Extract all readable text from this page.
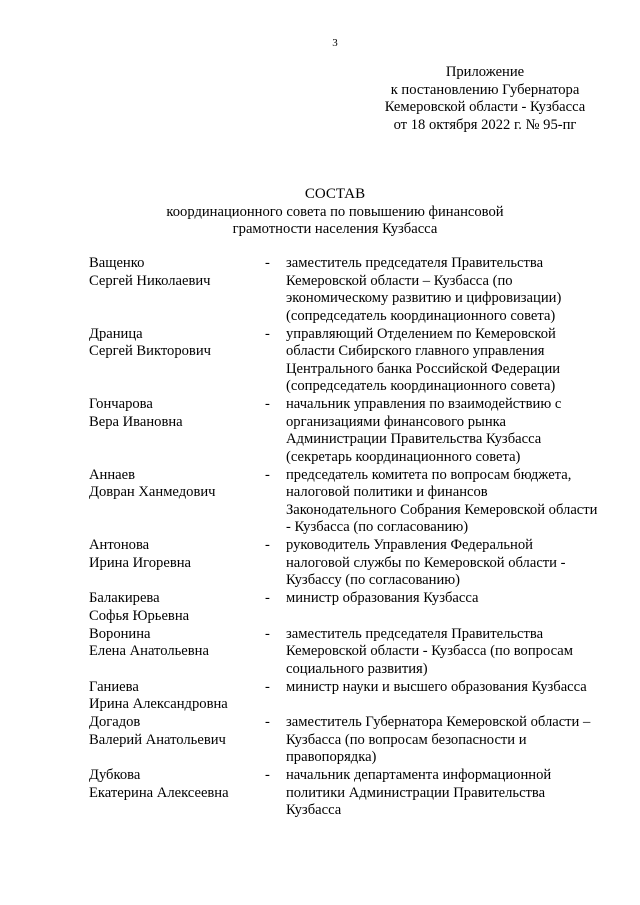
3
Приложение
к постановлению Губернатора
Кемеровской области - Кузбасса
от 18 октября 2022 г. № 95-пг
СОСТАВ
координационного совета по повышению финансовой
грамотности населения Кузбасса
Ващенко
Сергей Николаевич
-	заместитель председателя Правительства Кемеровской области – Кузбасса (по экономическому развитию и цифровизации) (сопредседатель координационного совета)
Драница
Сергей Викторович
-	управляющий Отделением по Кемеровской области Сибирского главного управления Центрального банка Российской Федерации (сопредседатель координационного совета)
Гончарова
Вера Ивановна
-	начальник управления по взаимодействию с организациями финансового рынка Администрации Правительства Кузбасса (секретарь координационного совета)
Аннаев
Довран Ханмедович
-	председатель комитета по вопросам бюджета, налоговой политики и финансов Законодательного Собрания Кемеровской области - Кузбасса (по согласованию)
Антонова
Ирина Игоревна
-	руководитель Управления Федеральной налоговой службы по Кемеровской области - Кузбассу (по согласованию)
Балакирева
Софья Юрьевна
-	министр образования Кузбасса
Воронина
Елена Анатольевна
-	заместитель председателя Правительства Кемеровской области - Кузбасса (по вопросам социального развития)
Ганиева
Ирина Александровна
-	министр науки и высшего образования Кузбасса
Догадов
Валерий Анатольевич
-	заместитель Губернатора Кемеровской области – Кузбасса (по вопросам безопасности и правопорядка)
Дубкова
Екатерина Алексеевна
-	начальник департамента информационной политики Администрации Правительства Кузбасса
